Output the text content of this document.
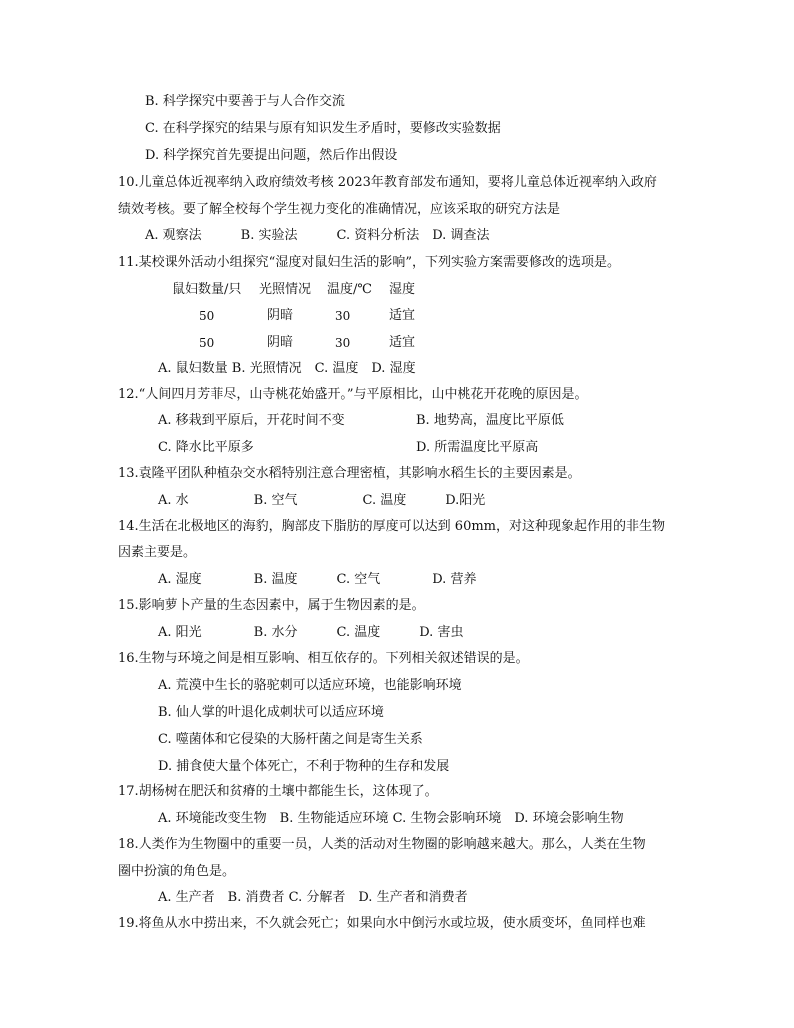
B. 科学探究中要善于与人合作交流
C. 在科学探究的结果与原有知识发生矛盾时，要修改实验数据
D. 科学探究首先要提出问题，然后作出假设
10.儿童总体近视率纳入政府绩效考核 2023年教育部发布通知，要将儿童总体近视率纳入政府
绩效考核。要了解全校每个学生视力变化的准确情况，应该采取的研究方法是
A. 观察法　　　B. 实验法　　　C. 资料分析法　D. 调查法
11.某校课外活动小组探究“湿度对鼠妇生活的影响”，下列实验方案需要修改的选项是。
鼠妇数量/只 光照情况 温度/℃ 湿度
50	阴暗	30	适宜
50	阴暗	30	适宜
A. 鼠妇数量 B. 光照情况　C. 温度　D. 湿度
12.“人间四月芳菲尽，山寺桃花始盛开。”与平原相比，山中桃花开花晚的原因是。
A. 移栽到平原后，开花时间不变	B. 地势高，温度比平原低
C. 降水比平原多	D. 所需温度比平原高
13.袁隆平团队种植杂交水稻特别注意合理密植，其影响水稻生长的主要因素是。
A. 水　　　　　B. 空气　　　　　C. 温度　　　D.阳光
14.生活在北极地区的海豹，胸部皮下脂肪的厚度可以达到 60mm，对这种现象起作用的非生物
因素主要是。
A. 湿度　　　　B. 温度　　　C. 空气　　　　D. 营养
15.影响萝卜产量的生态因素中，属于生物因素的是。
A. 阳光　　　　B. 水分　　　C. 温度　　　D. 害虫
16.生物与环境之间是相互影响、相互依存的。下列相关叙述错误的是。
A. 荒漠中生长的骆驼刺可以适应环境，也能影响环境
B. 仙人掌的叶退化成刺状可以适应环境
C. 噬菌体和它侵染的大肠杆菌之间是寄生关系
D. 捕食使大量个体死亡，不利于物种的生存和发展
17.胡杨树在肥沃和贫瘠的土壤中都能生长，这体现了。
A. 环境能改变生物　B. 生物能适应环境 C. 生物会影响环境　D. 环境会影响生物
18.人类作为生物圈中的重要一员，人类的活动对生物圈的影响越来越大。那么，人类在生物
圈中扮演的角色是。
A. 生产者　B. 消费者 C. 分解者　D. 生产者和消费者
19.将鱼从水中捞出来，不久就会死亡；如果向水中倒污水或垃圾，使水质变坏，鱼同样也难
